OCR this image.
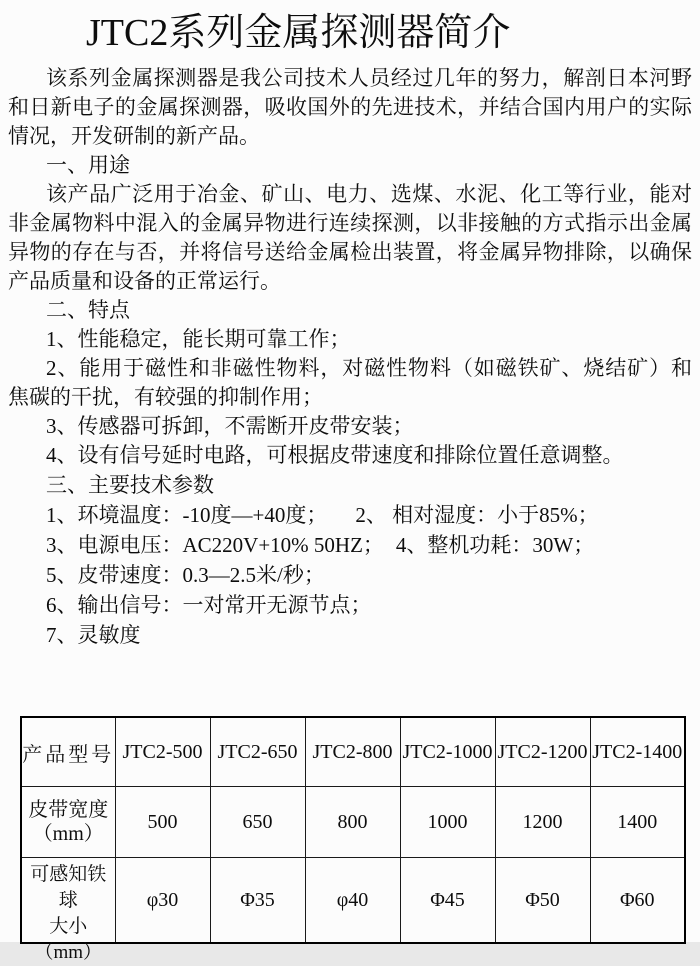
JTC2系列金属探测器简介
该系列金属探测器是我公司技术人员经过几年的努力，解剖日本河野
和日新电子的金属探测器，吸收国外的先进技术，并结合国内用户的实际
情况，开发研制的新产品。
一、用途
该产品广泛用于冶金、矿山、电力、选煤、水泥、化工等行业，能对
非金属物料中混入的金属异物进行连续探测，以非接触的方式指示出金属
异物的存在与否，并将信号送给金属检出装置，将金属异物排除，以确保
产品质量和设备的正常运行。
二、特点
1、性能稳定，能长期可靠工作；
2、能用于磁性和非磁性物料，对磁性物料（如磁铁矿、烧结矿）和
焦碳的干扰，有较强的抑制作用；
3、传感器可拆卸，不需断开皮带安装；
4、设有信号延时电路，可根据皮带速度和排除位置任意调整。
三、主要技术参数
1、环境温度：-10度—+40度； 2、 相对湿度：小于85%；
3、电源电压：AC220V+10% 50HZ； 4、整机功耗：30W；
5、皮带速度：0.3—2.5米/秒；
6、输出信号：一对常开无源节点；
7、灵敏度
产品型号	JTC2-500	JTC2-650	JTC2-800	JTC2-1000	JTC2-1200	JTC2-1400

皮带宽度
（mm）	500	650	800	1000	1200	1400

可感知铁球
大小
（mm）	φ30	Φ35	φ40	Φ45	Φ50	Φ60
